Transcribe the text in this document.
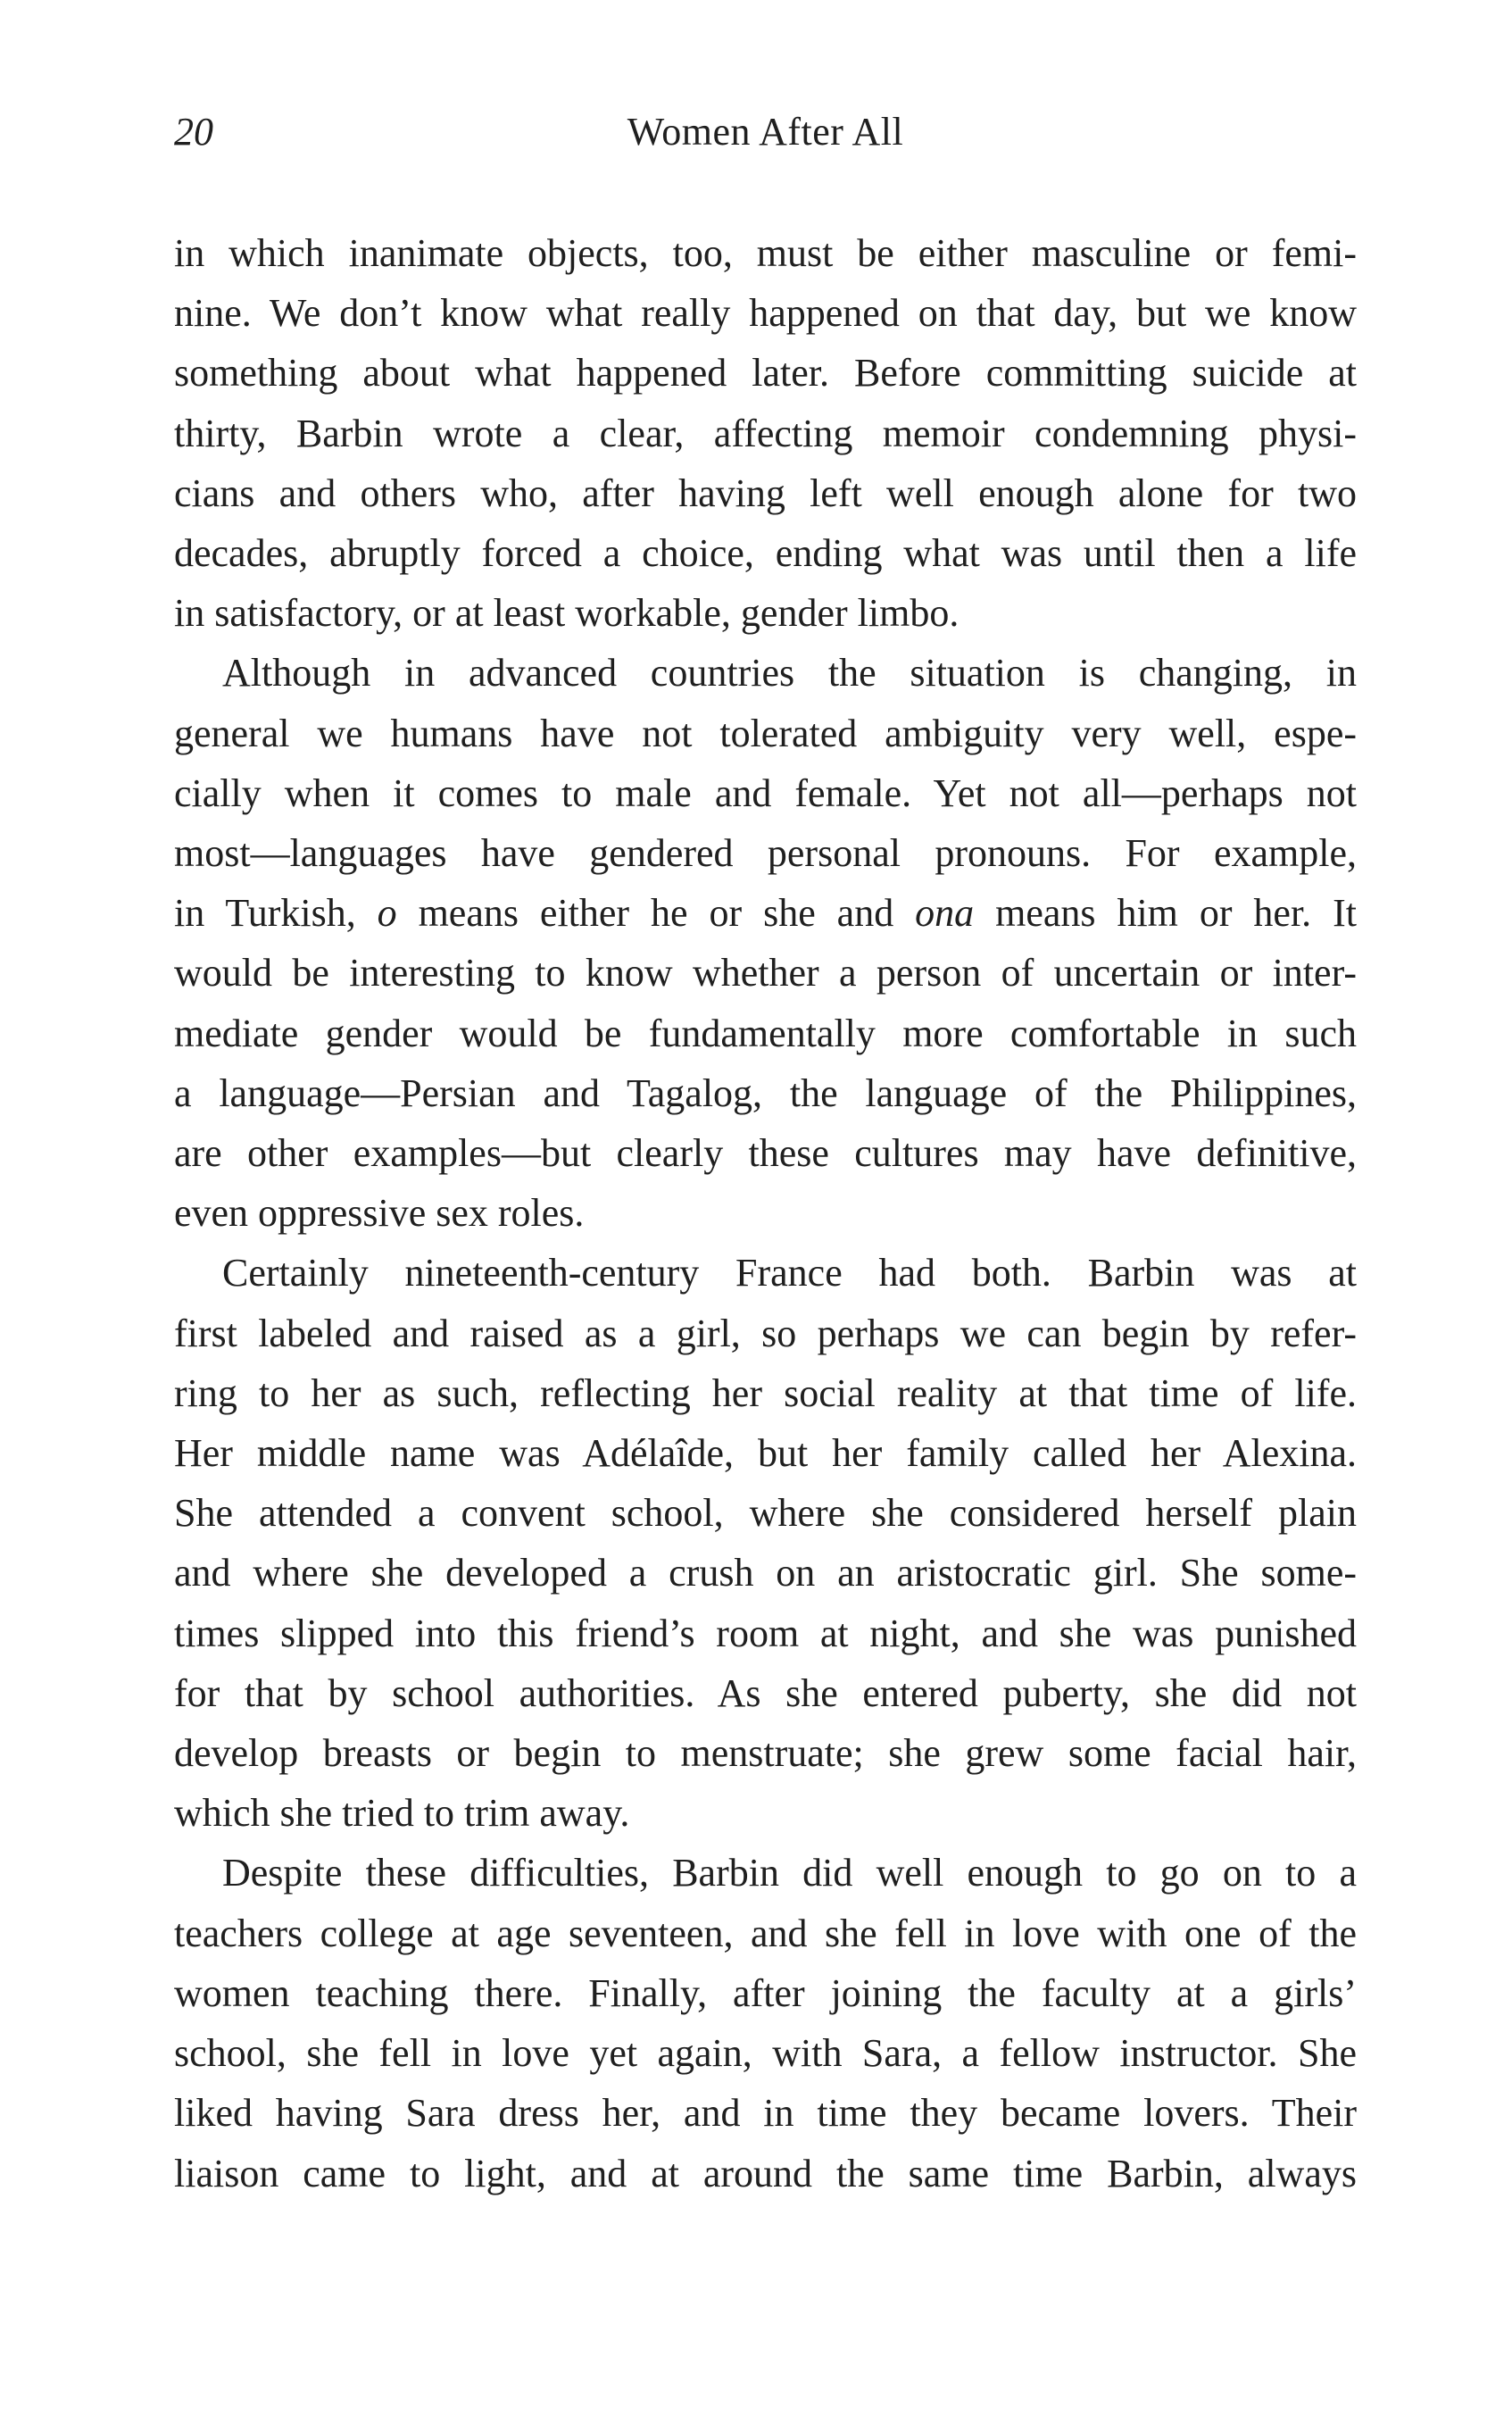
20	Women After All

in which inanimate objects, too, must be either masculine or femi-
nine. We don’t know what really happened on that day, but we know
something about what happened later. Before committing suicide at
thirty, Barbin wrote a clear, affecting memoir condemning physi-
cians and others who, after having left well enough alone for two
decades, abruptly forced a choice, ending what was until then a life
in satisfactory, or at least workable, gender limbo.

Although in advanced countries the situation is changing, in
general we humans have not tolerated ambiguity very well, espe-
cially when it comes to male and female. Yet not all—perhaps not
most—languages have gendered personal pronouns. For example,
in Turkish, o means either he or she and ona means him or her. It
would be interesting to know whether a person of uncertain or inter-
mediate gender would be fundamentally more comfortable in such
a language—Persian and Tagalog, the language of the Philippines,
are other examples—but clearly these cultures may have definitive,
even oppressive sex roles.

Certainly nineteenth-century France had both. Barbin was at
first labeled and raised as a girl, so perhaps we can begin by refer-
ring to her as such, reflecting her social reality at that time of life.
Her middle name was Adélaîde, but her family called her Alexina.
She attended a convent school, where she considered herself plain
and where she developed a crush on an aristocratic girl. She some-
times slipped into this friend’s room at night, and she was punished
for that by school authorities. As she entered puberty, she did not
develop breasts or begin to menstruate; she grew some facial hair,
which she tried to trim away.

Despite these difficulties, Barbin did well enough to go on to a
teachers college at age seventeen, and she fell in love with one of the
women teaching there. Finally, after joining the faculty at a girls’
school, she fell in love yet again, with Sara, a fellow instructor. She
liked having Sara dress her, and in time they became lovers. Their
liaison came to light, and at around the same time Barbin, always
